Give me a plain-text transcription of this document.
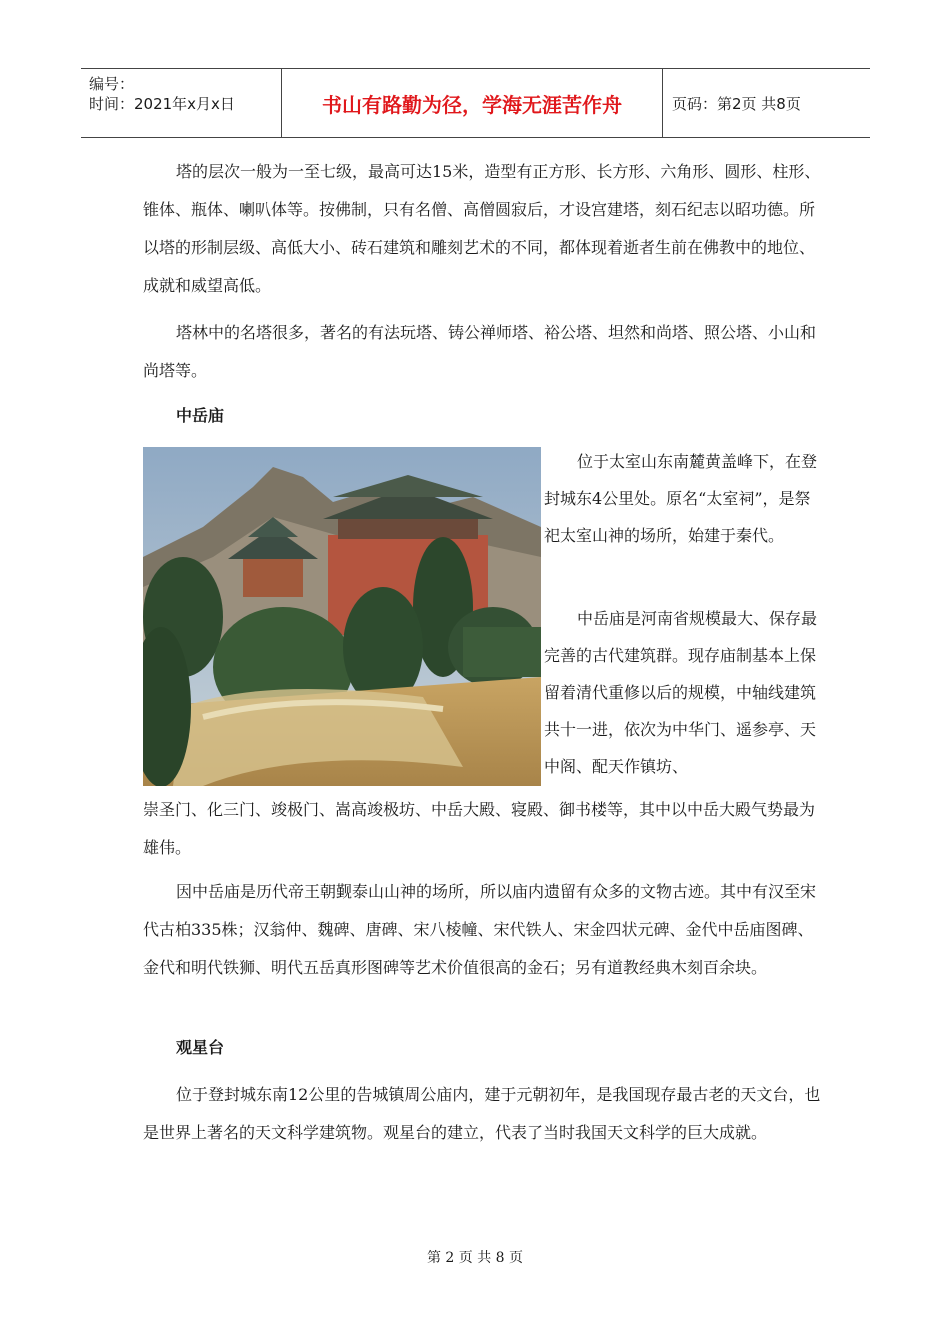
编号：
时间：2021年x月x日	书山有路勤为径，学海无涯苦作舟	页码：第2页 共8页

塔的层次一般为一至七级，最高可达15米，造型有正方形、长方形、六角形、圆形、柱形、锥体、瓶体、喇叭体等。按佛制，只有名僧、高僧圆寂后，才设宫建塔，刻石纪志以昭功德。所以塔的形制层级、高低大小、砖石建筑和雕刻艺术的不同，都体现着逝者生前在佛教中的地位、成就和威望高低。

塔林中的名塔很多，著名的有法玩塔、铸公禅师塔、裕公塔、坦然和尚塔、照公塔、小山和尚塔等。

中岳庙

位于太室山东南麓黄盖峰下，在登封城东4公里处。原名“太室祠”，是祭祀太室山神的场所，始建于秦代。

中岳庙是河南省规模最大、保存最完善的古代建筑群。现存庙制基本上保留着清代重修以后的规模，中轴线建筑共十一进，依次为中华门、遥参亭、天中阁、配天作镇坊、

崇圣门、化三门、竣极门、嵩高竣极坊、中岳大殿、寝殿、御书楼等，其中以中岳大殿气势最为雄伟。

因中岳庙是历代帝王朝觐泰山山神的场所，所以庙内遗留有众多的文物古迹。其中有汉至宋代古柏335株；汉翁仲、魏碑、唐碑、宋八棱幢、宋代铁人、宋金四状元碑、金代中岳庙图碑、金代和明代铁狮、明代五岳真形图碑等艺术价值很高的金石；另有道教经典木刻百余块。

观星台

位于登封城东南12公里的告城镇周公庙内，建于元朝初年，是我国现存最古老的天文台，也是世界上著名的天文科学建筑物。观星台的建立，代表了当时我国天文科学的巨大成就。

第 2 页 共 8 页
